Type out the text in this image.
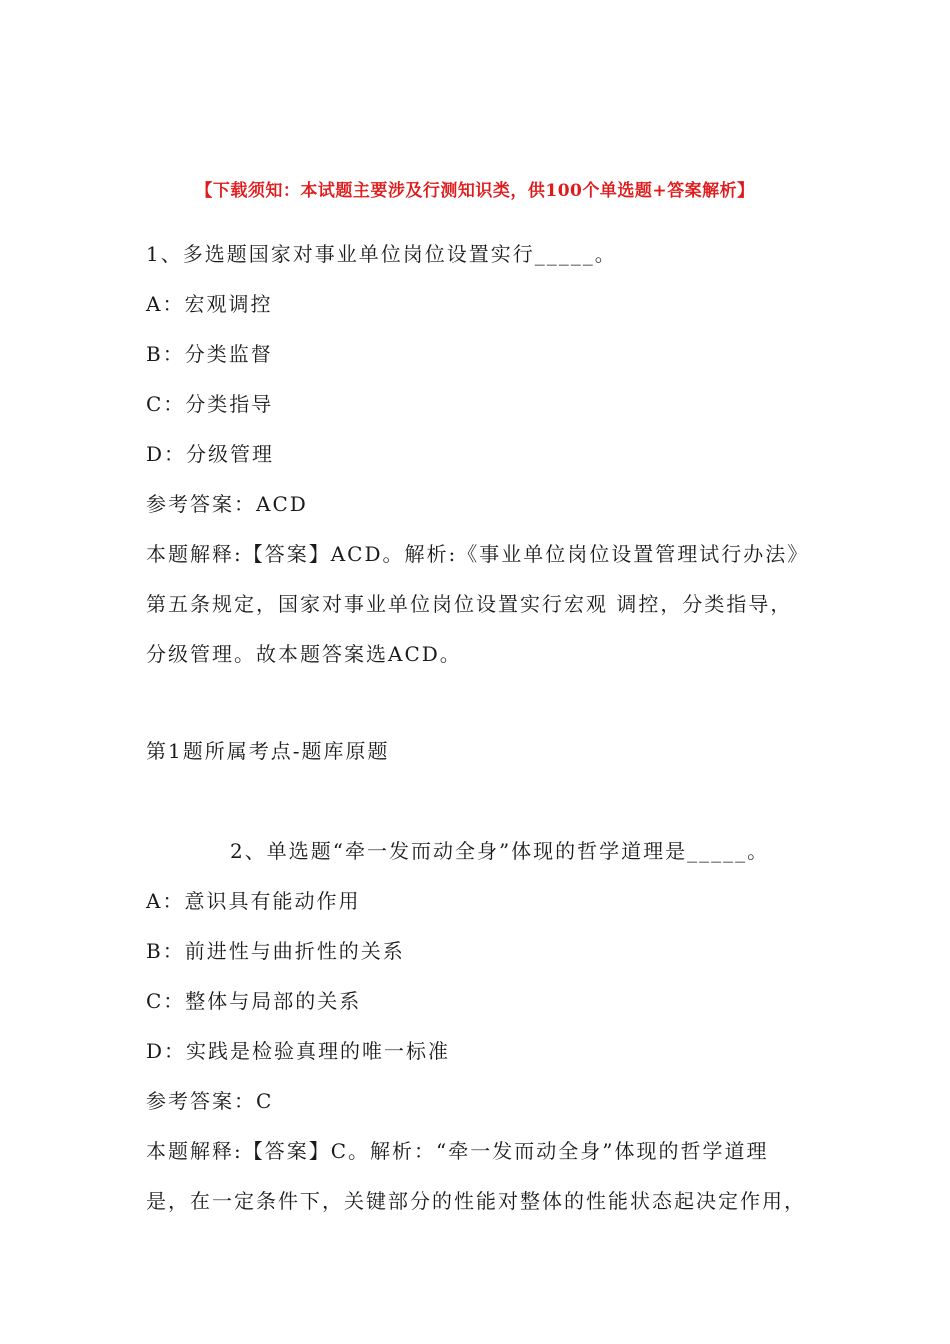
【下载须知：本试题主要涉及行测知识类，供100个单选题+答案解析】
1、多选题国家对事业单位岗位设置实行_____。
A：宏观调控
B：分类监督
C：分类指导
D：分级管理
参考答案：ACD
本题解释:【答案】ACD。解析:《事业单位岗位设置管理试行办法》
第五条规定，国家对事业单位岗位设置实行宏观 调控，分类指导，
分级管理。故本题答案选ACD。
第1题所属考点-题库原题
2、单选题“牵一发而动全身”体现的哲学道理是_____。
A：意识具有能动作用
B：前进性与曲折性的关系
C：整体与局部的关系
D：实践是检验真理的唯一标准
参考答案：C
本题解释:【答案】C。解析：“牵一发而动全身”体现的哲学道理
是，在一定条件下，关键部分的性能对整体的性能状态起决定作用，
